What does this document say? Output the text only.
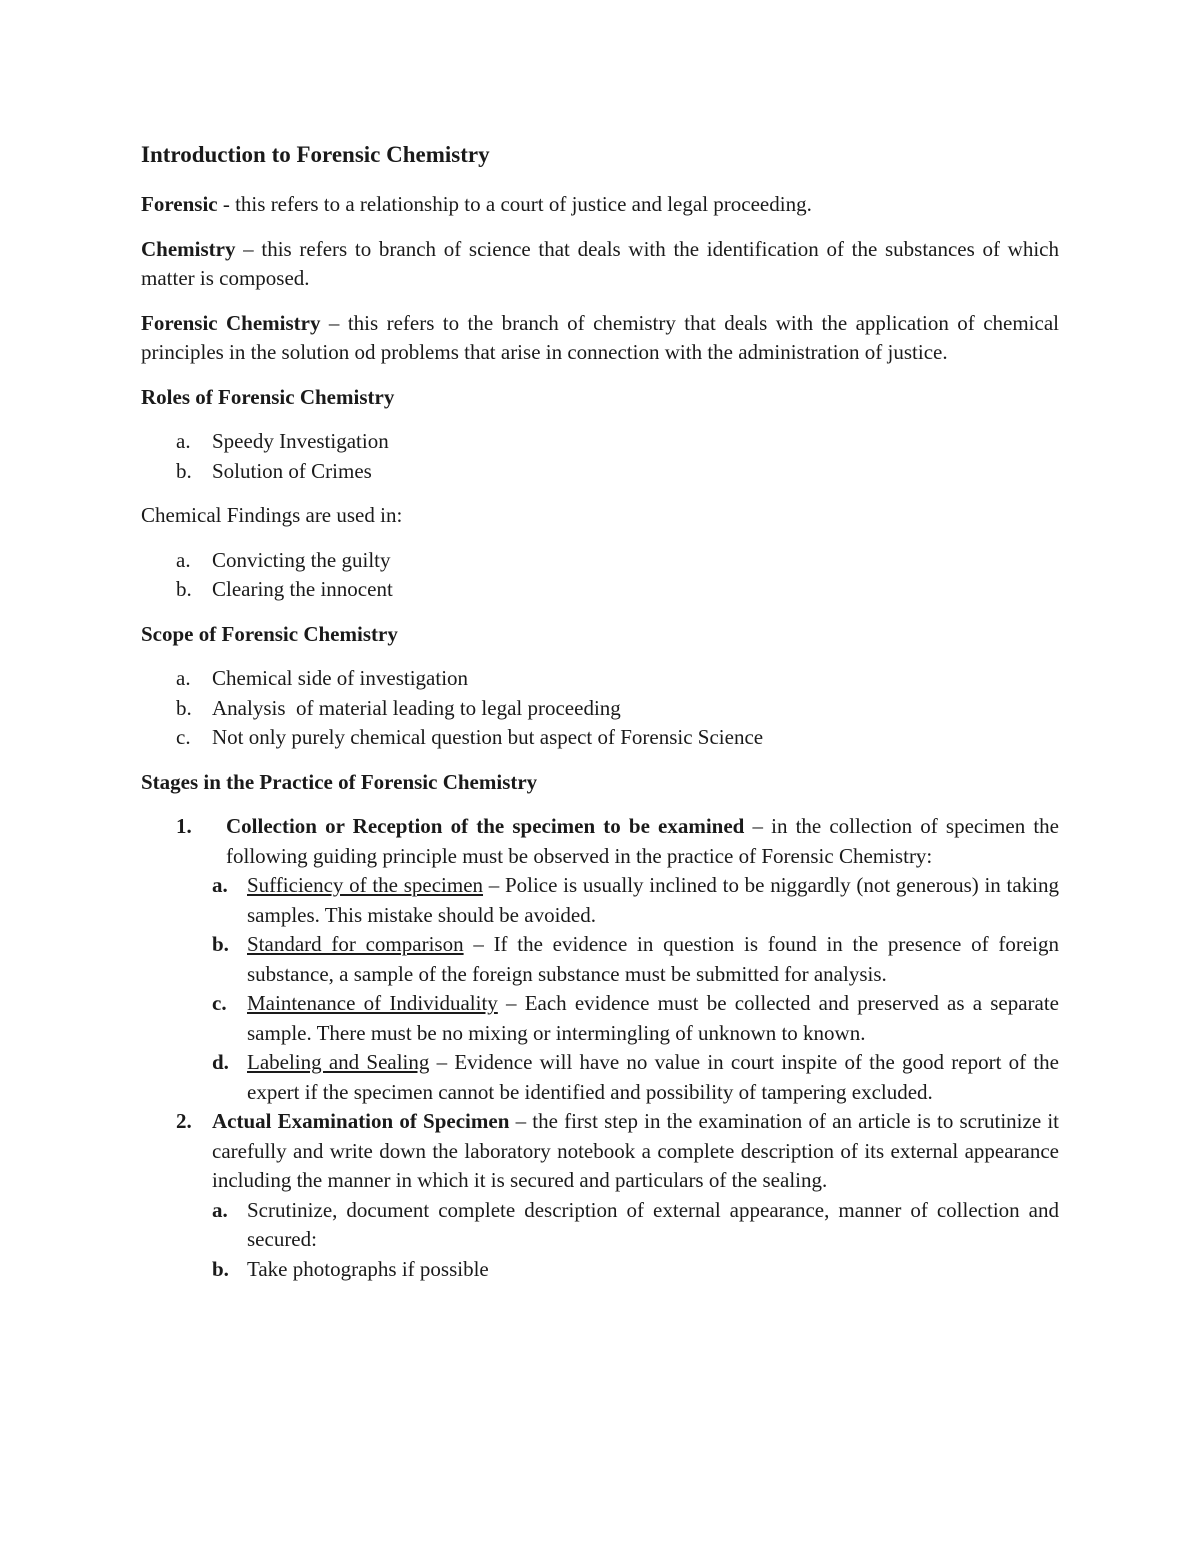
Introduction to Forensic Chemistry

Forensic - this refers to a relationship to a court of justice and legal proceeding.

Chemistry – this refers to branch of science that deals with the identification of the substances of which matter is composed.

Forensic Chemistry – this refers to the branch of chemistry that deals with the application of chemical principles in the solution od problems that arise in connection with the administration of justice.

Roles of Forensic Chemistry
a. Speedy Investigation
b. Solution of Crimes

Chemical Findings are used in:

a. Convicting the guilty
b. Clearing the innocent
Scope of Forensic Chemistry
a. Chemical side of investigation
b. Analysis  of material leading to legal proceeding
c. Not only purely chemical question but aspect of Forensic Science
Stages in the Practice of Forensic Chemistry
1.	Collection or Reception of the specimen to be examined – in the collection of specimen the following guiding principle must be observed in the practice of Forensic Chemistry:
a. Sufficiency of the specimen – Police is usually inclined to be niggardly (not generous) in taking samples. This mistake should be avoided.
b. Standard for comparison – If the evidence in question is found in the presence of foreign substance, a sample of the foreign substance must be submitted for analysis.
c. Maintenance of Individuality – Each evidence must be collected and preserved as a separate sample. There must be no mixing or intermingling of unknown to known.
d. Labeling and Sealing – Evidence will have no value in court inspite of the good report of the expert if the specimen cannot be identified and possibility of tampering excluded.
2. Actual Examination of Specimen – the first step in the examination of an article is to scrutinize it carefully and write down the laboratory notebook a complete description of its external appearance including the manner in which it is secured and particulars of the sealing.
a. Scrutinize, document complete description of external appearance, manner of collection and secured:
b. Take photographs if possible
